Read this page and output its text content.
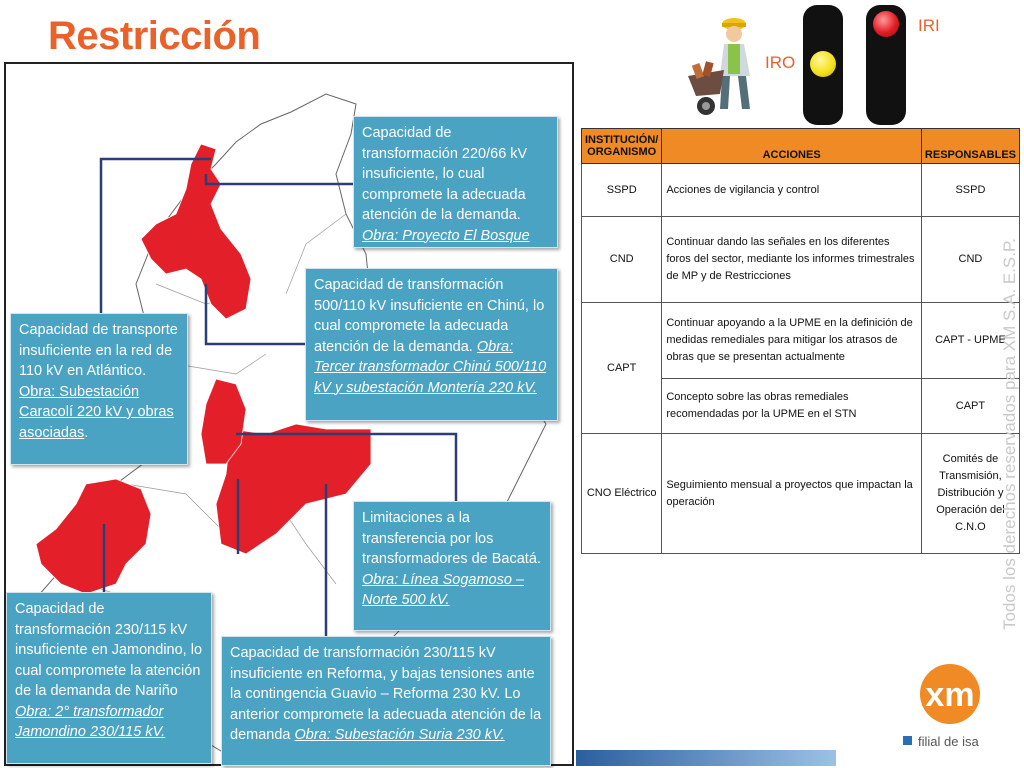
Restricción
Capacidad de transformación 220/66 kV insuficiente, lo cual compromete la adecuada atención de la demanda. Obra: Proyecto El Bosque
Capacidad de transformación 500/110 kV insuficiente en Chinú, lo cual compromete la adecuada atención de la demanda. Obra: Tercer transformador Chinú 500/110 kV y subestación Montería 220 kV.
Capacidad de transporte insuficiente en la red de 110 kV en Atlántico. Obra: Subestación Caracolí 220 kV y obras asociadas.
Limitaciones a la transferencia por los transformadores de Bacatá. Obra: Línea Sogamoso – Norte 500 kV.
Capacidad de transformación 230/115 kV insuficiente en Jamondino, lo cual compromete la atención de la demanda de Nariño Obra: 2° transformador Jamondino 230/115 kV.
Capacidad de transformación 230/115 kV insuficiente en Reforma, y bajas tensiones ante la contingencia Guavio – Reforma 230 kV. Lo anterior compromete la adecuada atención de la demanda Obra: Subestación Suria 230 kV.
IRI
IRO
INSTITUCIÓN/ ORGANISMO	ACCIONES	RESPONSABLES
SSPD	Acciones de vigilancia y control	SSPD
CND	Continuar dando las señales en los diferentes foros del sector, mediante los informes trimestrales de MP y de Restricciones	CND
CAPT	Continuar apoyando a la UPME en la definición de medidas remediales para mitigar los atrasos de obras que se presentan actualmente	CAPT - UPME
	Concepto sobre las obras remediales recomendadas por la UPME en el STN	CAPT
CNO Eléctrico	Seguimiento mensual a proyectos que impactan la operación	Comités de Transmisión, Distribución y Operación del C.N.O Todos los derechos reservados para XM S.A. E.S.P.
xm
filial de isa
